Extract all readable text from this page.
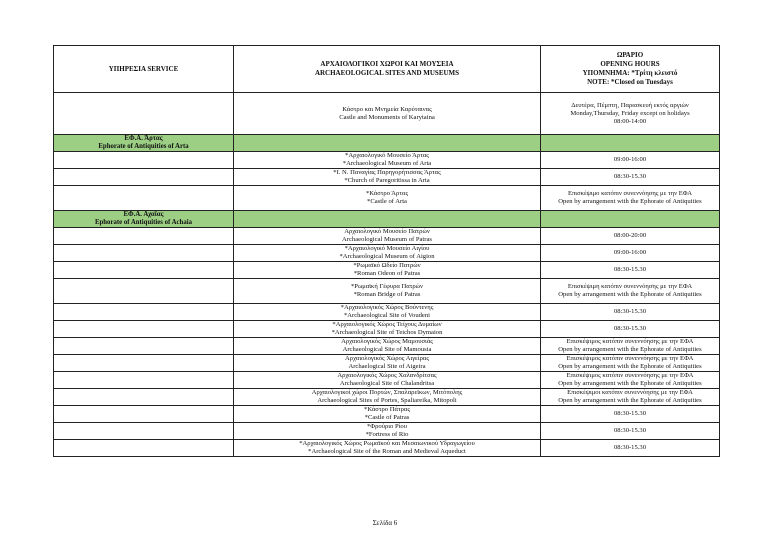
ΥΠΗΡΕΣΙΑ SERVICE	ΑΡΧΑΙΟΛΟΓΙΚΟΙ ΧΩΡΟΙ ΚΑΙ ΜΟΥΣΕΙΑ
ARCHAEOLOGICAL SITES AND MUSEUMS	ΩΡΑΡΙΟ
OPENING HOURS
ΥΠΟΜΝΗΜΑ: *Τρίτη κλειστό
NOTE: *Closed on Tuesdays

	Κάστρο και Μνημεία Καρύταινας
Castle and Monuments of Karytaina	Δευτέρα, Πέμπτη, Παρασκευή εκτός αργιών
Monday,Thursday, Friday except on holidays
08:00-14:00

ΕΦ.Α. Άρτας
Ephorate of Antiquities of Arta		

	*Αρχαιολογικό Μουσείο Άρτας
*Archaeological Museum of Arta	09:00-16:00

	*Ι. Ν. Παναγίας Παρηγορήτισσας Άρτας
*Church of Paregoritissa in Arta	08:30-15.30

	*Κάστρο Άρτας
*Castle of Arta	Επισκέψιμο κατόπιν συνεννόησης με την ΕΦΑ
Open by arrangement with the Ephorate of Antiquities

ΕΦ.Α. Αχαΐας
Ephorate of Antiquities of Achaia		

	Αρχαιολογικό Μουσείο Πατρών
Archaeological Museum of Patras	08:00-20:00

	*Αρχαιολογικό Μουσείο Αιγίου
*Archaeological Museum of Aigion	09:00-16:00

	*Ρωμαϊκό Ωδείο Πατρών
*Roman Odeon of Patras	08:30-15.30

	*Ρωμαϊκή Γέφυρα Πατρών
*Roman Bridge of Patras	Επισκέψιμη κατόπιν συνεννόησης με την ΕΦΑ
Open by arrangement with the Ephorate of Antiquities

	*Αρχαιολογικός Χώρος Βούντενης
*Archaeological Site of Voudeni	08:30-15.30

	*Αρχαιολογικός Χώρος Τείχους Δυμαίων
*Archaeological Site of Teichos Dymaion	08:30-15.30

	Αρχαιολογικός Χώρος Μαμουσιάς
Archaeological Site of Mamousia	Επισκέψιμος κατόπιν συνεννόησης με την ΕΦΑ
Open by arrangement with the Ephorate of Antiquities

	Αρχαιολογικός Χώρος Αιγείρας
Archaelogical Site of Aigeira	Επισκέψιμος κατόπιν συνεννόησης με την ΕΦΑ
Open by arrangement with the Ephorate of Antiquities

	Αρχαιολογικός Χώρος Χαλανδρίτσας
Archaeological Site of Chalandritsa	Επισκέψιμος κατόπιν συνεννόησης με την ΕΦΑ
Open by arrangement with the Ephorate of Antiquities

	Αρχαιολογικοί χώροι Πορτών, Σπαλαρεϊκων, Μιτόπολης
Archaeological Sites of Portes, Spaliareika, Mitopoli	Επισκέψιμοι κατόπιν συνεννόησης με την ΕΦΑ
Open by arrangement with the Ephorate of Antiquities

	*Κάστρο Πάτρας
*Castle of Patras	08:30-15.30

	*Φρούριο Ρίου
*Fortress of Rio	08:30-15.30

	*Αρχαιολογικός Χώρος Ρωμαϊκού και Μεσαιωνικού Υδραγωγείου
*Archaeological Site of the Roman and Medieval Aqueduct	08:30-15.30
Σελίδα 6
